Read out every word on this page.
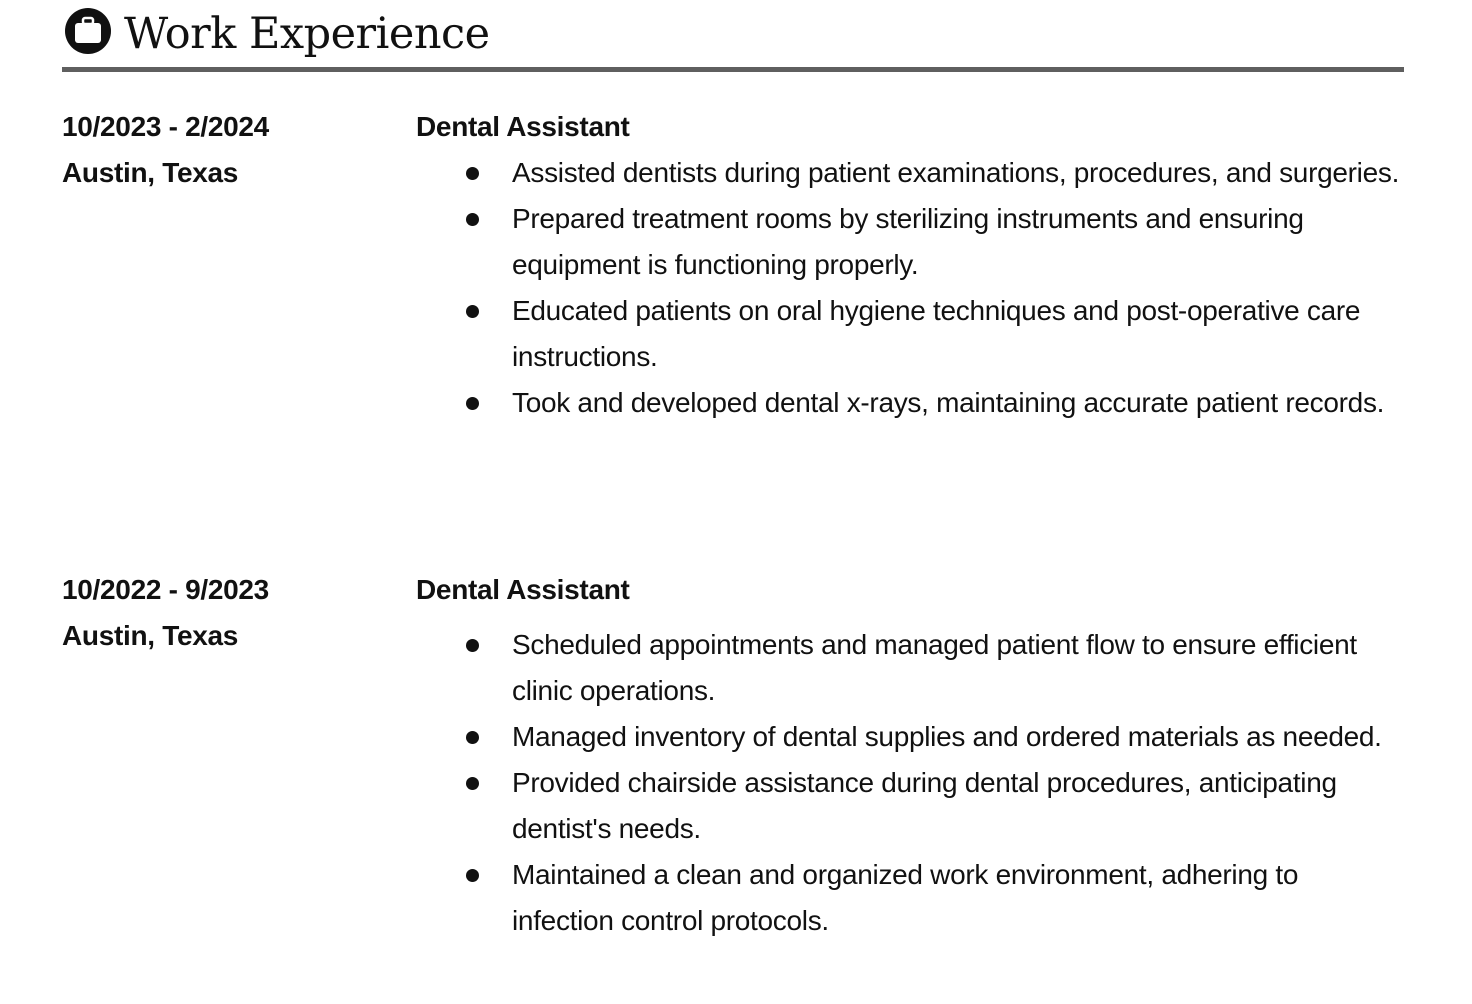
Work Experience
10/2023 - 2/2024
Austin, Texas
Dental Assistant
Assisted dentists during patient examinations, procedures, and surgeries.
Prepared treatment rooms by sterilizing instruments and ensuring equipment is functioning properly.
Educated patients on oral hygiene techniques and post-operative care instructions.
Took and developed dental x-rays, maintaining accurate patient records.
10/2022 - 9/2023
Austin, Texas
Dental Assistant
Scheduled appointments and managed patient flow to ensure efficient clinic operations.
Managed inventory of dental supplies and ordered materials as needed.
Provided chairside assistance during dental procedures, anticipating dentist's needs.
Maintained a clean and organized work environment, adhering to infection control protocols.
